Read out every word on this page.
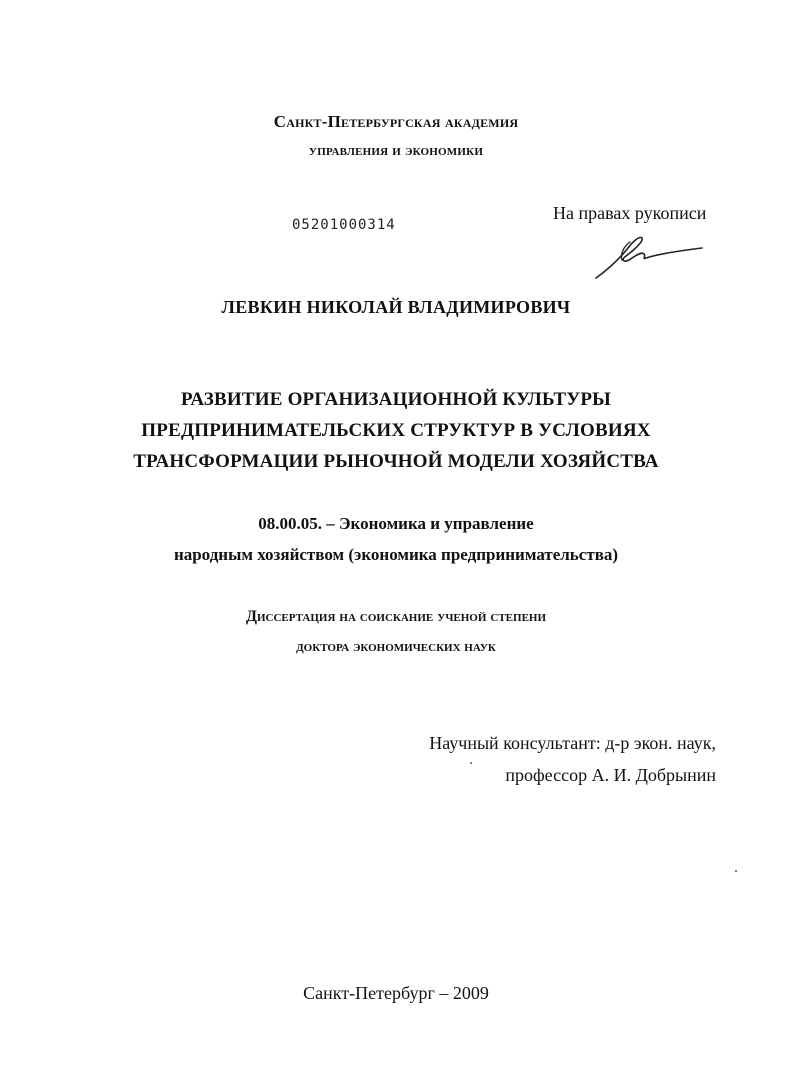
Санкт-Петербургская академия
управления и экономики
05201000314
На правах рукописи
ЛЕВКИН НИКОЛАЙ ВЛАДИМИРОВИЧ
РАЗВИТИЕ ОРГАНИЗАЦИОННОЙ КУЛЬТУРЫ
ПРЕДПРИНИМАТЕЛЬСКИХ СТРУКТУР В УСЛОВИЯХ
ТРАНСФОРМАЦИИ РЫНОЧНОЙ МОДЕЛИ ХОЗЯЙСТВА
08.00.05. – Экономика и управление
народным хозяйством (экономика предпринимательства)
Диссертация на соискание ученой степени
доктора экономических наук
Научный консультант: д-р экон. наук,
профессор А. И. Добрынин
Санкт-Петербург – 2009
